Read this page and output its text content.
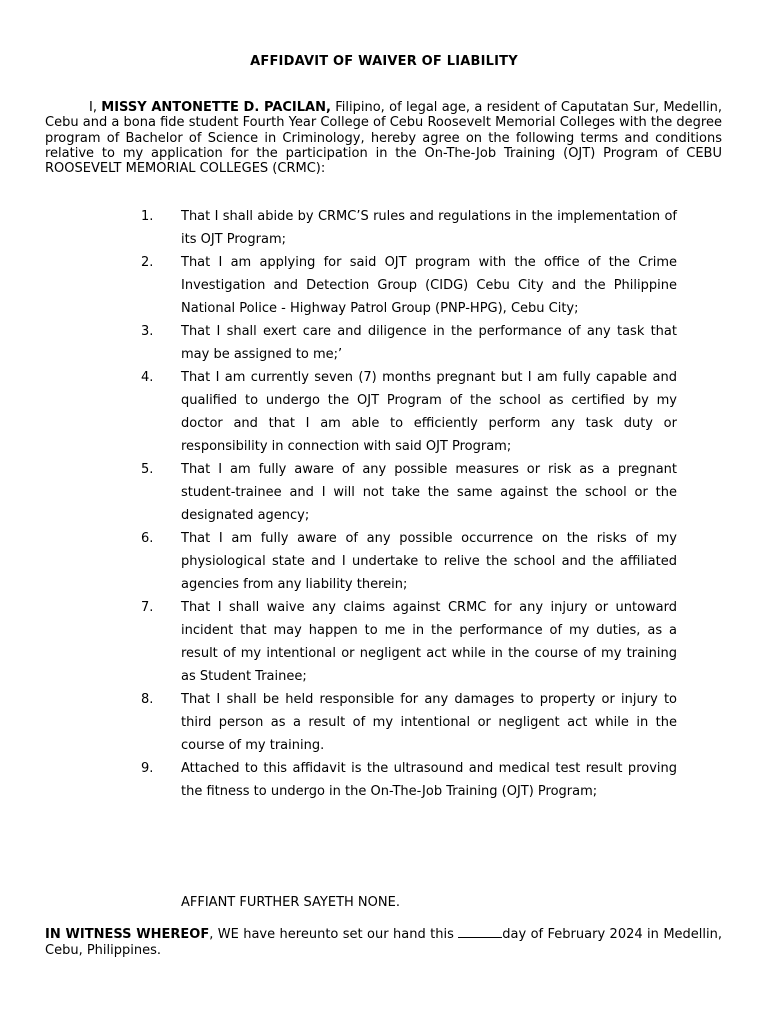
AFFIDAVIT OF WAIVER OF LIABILITY
I, MISSY ANTONETTE D. PACILAN, Filipino, of legal age, a resident of Caputatan Sur, Medellin, Cebu and a bona fide student Fourth Year College of Cebu Roosevelt Memorial Colleges with the degree program of Bachelor of Science in Criminology, hereby agree on the following terms and conditions relative to my application for the participation in the On-The-Job Training (OJT) Program of CEBU ROOSEVELT MEMORIAL COLLEGES (CRMC):
1. That I shall abide by CRMC’S rules and regulations in the implementation of its OJT Program;
2. That I am applying for said OJT program with the office of the Crime Investigation and Detection Group (CIDG) Cebu City and the Philippine National Police - Highway Patrol Group (PNP-HPG), Cebu City;
3. That I shall exert care and diligence in the performance of any task that may be assigned to me;’
4. That I am currently seven (7) months pregnant but I am fully capable and qualified to undergo the OJT Program of the school as certified by my doctor and that I am able to efficiently perform any task duty or responsibility in connection with said OJT Program;
5. That I am fully aware of any possible measures or risk as a pregnant student-trainee and I will not take the same against the school or the designated agency;
6. That I am fully aware of any possible occurrence on the risks of my physiological state and I undertake to relive the school and the affiliated agencies from any liability therein;
7. That I shall waive any claims against CRMC for any injury or untoward incident that may happen to me in the performance of my duties, as a result of my intentional or negligent act while in the course of my training as Student Trainee;
8. That I shall be held responsible for any damages to property or injury to third person as a result of my intentional or negligent act while in the course of my training.
9. Attached to this affidavit is the ultrasound and medical test result proving the fitness to undergo in the On-The-Job Training (OJT) Program;
AFFIANT FURTHER SAYETH NONE.
IN WITNESS WHEREOF, WE have hereunto set our hand this	day of February 2024 in Medellin, Cebu, Philippines.
